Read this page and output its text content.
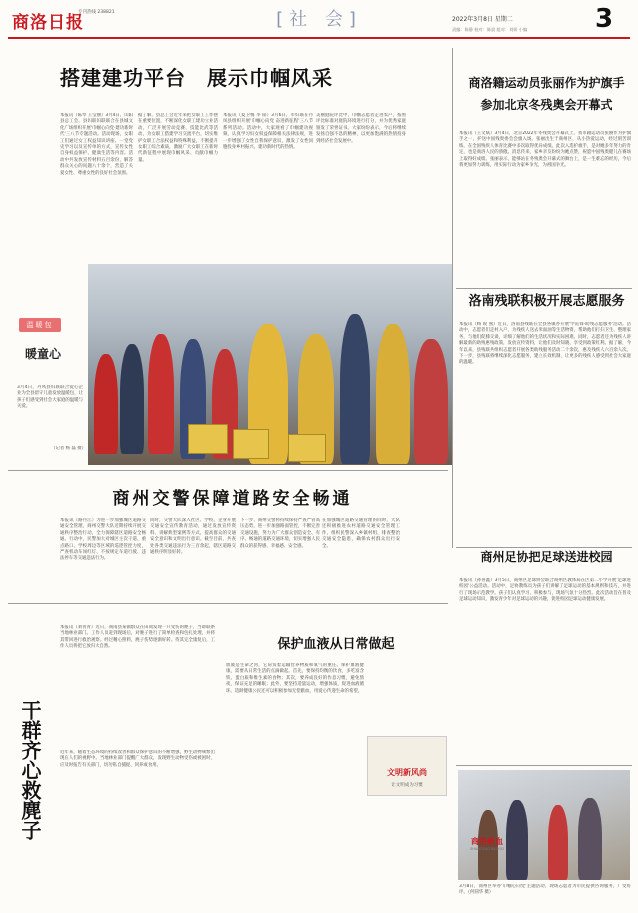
商洛日报
专刊热线 238821	[社 会]	2022年3月8日 星期二
责编：陈静 校对：陈晨 组对：刘妍 小编	3
搭建建功平台　展示巾帼风采
本报讯（陈琴 王莹丽）3月4日，山阳县总工会、县妇联妇联联合在县城文化广场组织开展'巾帼心向党·建功新时代'三八节专题活动。活动现场，女职工们通过女工权益知识讲座、一堂党史学习以及宣传单的方式，宣传女性自身权益保护、健康生活等内容。活动中共发放宣传材料五百余份，解答群众关心的问题八十余个，营造了关爱女性、尊重女性的良好社会氛围。
据了解，县总工会近年来把女职工工作摆在重要位置，不断深化女职工建功立业活动，广泛开展劳动竞赛、技能比武等活动，为女职工搭建学习交流平台，切实维护女职工合法权益和特殊利益，不断提升女职工综合素质，激励广大女职工在新时代新征程中展现巾帼风采、贡献巾帼力量。
本报讯（夏卫梅 李 阳）3月6日，市妇联在丹凤县组织开展'巾帼心向党 奋进新征程'三八节系列活动。活动中，大家观看了巾帼建功视频，认真学习妇女权益保障相关法律法规，进一步增强了女性自我保护意识，激发了女性同胞投身乡村振兴、建功新时代的热情。
美丽庭院评比中，巾帼志愿者走进农户，按照评比标准对庭院环境进行打分，并为优秀家庭颁发了荣誉证书。大家纷纷表示，今后将继续发扬自强不息的精神，以更加饱满的热情投身到经济社会发展中。
商洛籍运动员张丽作为护旗手
参加北京冬残奥会开幕式
本报讯（王文斌）3月4日，北京2022年冬残奥会开幕式上，我市籍运动员张丽作为护旗手之一，护送中国残奥委会会旗入场。张丽出生于商州区，从小热爱运动，经过刻苦训练，在全国残疾人体育比赛中多次取得优异成绩。此次入选护旗手，是对她多年努力的肯定，也是商洛人民的骄傲。消息传来，家乡亲友纷纷为她点赞，祝愿中国残奥健儿在赛场上取得好成绩。张丽表示，能够站在冬残奥会开幕式的舞台上，是一生难忘的经历，今后将更加努力训练，用实际行动为家乡争光，为祖国争光。
洛南残联积极开展志愿服务
本报讯（杨 锐 燕）近日，洛南县残联在全县各镇办开展'学雷锋·助残志愿服务'活动。活动中，志愿者们走村入户，为残疾人送去米面油等生活物资，帮助他们打扫卫生、整理家务，与他们促膝交谈，详细了解他们的生活状况和实际困难。同时，志愿者还为残疾人讲解最新的助残惠残政策，发放宣传资料，让他们及时知晓、享受到政策红利。据了解，今年以来，县残联共组织志愿者开展各类助残服务活动二十余次，惠及残疾人六百余人次。下一步，县残联将继续深化志愿服务，建立长效机制，让更多的残疾人感受到社会大家庭的温暖。
温暖包
暖童心
3月4日，丹凤县妇联联合爱心企业为全县留守儿童发放温暖包，让孩子们感受到社会大家庭的温暖与关爱。
（记者 杨 磊 摄）
商州交警保障道路安全畅通
本报讯（路丹江）为进一步加强城区道路交通安全管理，商州交警大队近期持续开展交通秩序整治行动，全力保障辖区道路安全畅通。行动中，民警加大对城区主次干道、重点路口、学校周边等区域的巡逻管控力度，严查机动车闯红灯、不按规定车道行驶、违法停车等交通违法行为。
同时，交警大队深入社区、学校、企业开展交通安全宣传教育活动，通过发放宣传资料、讲解典型案例等方式，提高群众的交通安全意识和文明出行意识。截至目前，共查处各类交通违法行为三百余起，辖区道路交通秩序明显好转。
下一步，商州交警将持续保持严查严管高压态势，进一步加强路面管控，不断完善交通设施，努力为广大群众创造安全、有序、畅通的道路交通环境，切实增强人民群众的获得感、幸福感、安全感。
在加强城区道路交通管理的同时，大队还积极推进农村道路交通安全管理工作，组织民警深入乡镇村组，排查整治交通安全隐患，确保农村群众出行安全。
商州足协把足球送进校园
本报讯（孙喜鑫）3月5日，商州区足球协会联合商州区教体局在区第二小学开展'足球进校园'公益活动。活动中，足协教练员为孩子们讲解了足球运动的基本规则和技巧，并进行了现场示范教学。孩子们认真学习，积极参与，现场气氛十分热烈。此次活动旨在普及足球运动知识，激发青少年对足球运动的兴趣，促进校园足球运动健康发展。
干群齐心救麂子
本报讯（刘青青）近日，商南县某镇群众在田间发现一只受伤的麂子，当即联系当地林业部门。工作人员赶到现场后，对麂子进行了简单检查和包扎处理，并将其带回进行救治观察。经过精心照料，麂子伤势逐渐好转。待其完全康复后，工作人员将把它放归大自然。
近年来，随着生态环境的持续改善和群众保护意识的不断增强，野生动物频繁出现在人们的视野中。当地林业部门提醒广大群众，发现野生动物受伤或被困时，应及时报告有关部门，切勿私自捕捉、饲养或食用。
保护血液从日常做起
血液是生命之河，它肩负着运输营养物质和氧气的重任。保护血液健康，需要从日常生活的点滴做起。首先，要保持均衡的饮食，多吃富含铁、蛋白质和维生素的食物；其次，要养成良好的作息习惯，避免熬夜，保证充足的睡眠；此外，要坚持适量运动，增强体质，促进血液循环。适龄健康公民还可以积极参加无偿献血，用爱心传递生命的希望。
文明新风尚
让文明成为习惯
商洛献血
SHANGLUO BLOOD
3月8日，商州区举办'巾帼心向党'主题活动，现场志愿者为市民提供咨询服务，广受好评。（何圆华 摄）
